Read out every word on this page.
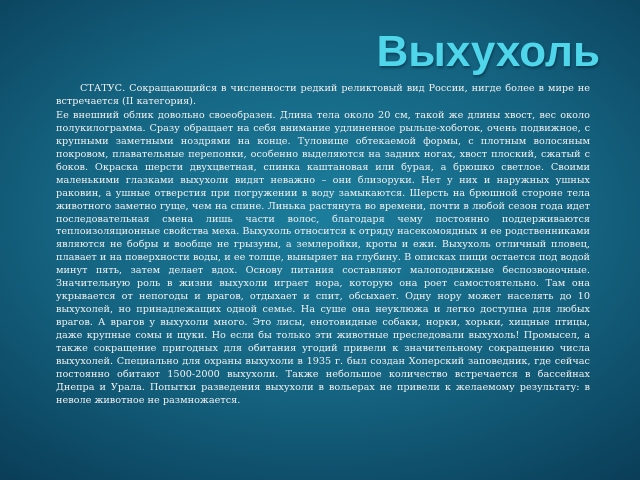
Выхухоль

СТАТУС. Сокращающийся в численности редкий реликтовый вид России, нигде более в мире не встречается (II категория).

Ее внешний облик довольно своеобразен. Длина тела около 20 см, такой же длины хвост, вес около полукилограмма. Сразу обращает на себя внимание удлиненное рыльце-хоботок, очень подвижное, с крупными заметными ноздрями на конце. Туловище обтекаемой формы, с плотным волосяным покровом, плавательные перепонки, особенно выделяются на задних ногах, хвост плоский, сжатый с боков. Окраска шерсти двухцветная, спинка каштановая или бурая, а брюшко светлое. Своими маленькими глазками выхухоли видят неважно – они близоруки. Нет у них и наружных ушных раковин, а ушные отверстия при погружении в воду замыкаются. Шерсть на брюшной стороне тела животного заметно гуще, чем на спине. Линька растянута во времени, почти в любой сезон года идет последовательная смена лишь части волос, благодаря чему постоянно поддерживаются теплоизоляционные свойства меха. Выхухоль относится к отряду насекомоядных и ее родственниками являются не бобры и вообще не грызуны, а землеройки, кроты и ежи. Выхухоль отличный пловец, плавает и на поверхности воды, и ее толще, выныряет на глубину. В описках пищи остается под водой минут пять, затем делает вдох. Основу питания составляют малоподвижные беспозвоночные. Значительную роль в жизни выхухоли играет нора, которую она роет самостоятельно. Там она укрывается от непогоды и врагов, отдыхает и спит, обсыхает. Одну нору может населять до 10 выхухолей, но принадлежащих одной семье. На суше она неуклюжа и легко доступна для любых врагов. А врагов у выхухоли много. Это лисы, енотовидные собаки, норки, хорьки, хищные птицы, даже крупные сомы и щуки. Но если бы только эти животные преследовали выхухоль! Промысел, а также сокращение пригодных для обитания угодий привели к значительному сокращению числа выхухолей. Специально для охраны выхухоли в 1935 г. был создан Хоперский заповедник, где сейчас постоянно обитают 1500-2000 выхухоли. Также небольшое количество встречается в бассейнах Днепра и Урала. Попытки разведения выхухоли в вольерах не привели к желаемому результату: в неволе животное не размножается.
